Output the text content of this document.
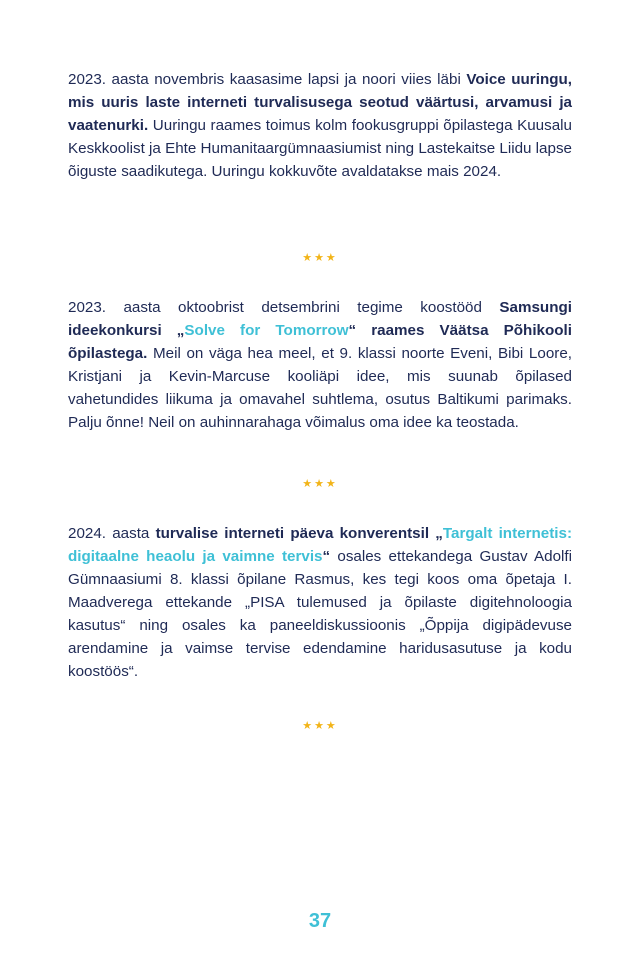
2023. aasta novembris kaasasime lapsi ja noori viies läbi Voice uuringu, mis uuris laste interneti turvalisusega seotud väärtusi, arvamusi ja vaatenurki. Uuringu raames toimus kolm fookusgruppi õpilastega Kuusalu Keskkoolist ja Ehte Humanitaargümnaasiumist ning Lastekaitse Liidu lapse õiguste saadikutega. Uuringu kokkuvõte avaldatakse mais 2024.

★★★

2023. aasta oktoobrist detsembrini tegime koostööd Samsungi ideekonkursi „Solve for Tomorrow“ raames Väätsa Põhikooli õpilastega. Meil on väga hea meel, et 9. klassi noorte Eveni, Bibi Loore, Kristjani ja Kevin-Marcuse kooliäpi idee, mis suunab õpilased vahetundides liikuma ja omavahel suhtlema, osutus Baltikumi parimaks. Palju õnne! Neil on auhinnarahaga võimalus oma idee ka teostada.

★★★

2024. aasta turvalise interneti päeva konverentsil „Targalt internetis: digitaalne heaolu ja vaimne tervis“ osales ettekandega Gustav Adolfi Gümnaasiumi 8. klassi õpilane Rasmus, kes tegi koos oma õpetaja I. Maadverega ettekande „PISA tulemused ja õpilaste digitehnoloogia kasutus“ ning osales ka paneeldiskussioonis „Õppija digipädevuse arendamine ja vaimse tervise edendamine haridusasutuse ja kodu koostöös“.

★★★
37
